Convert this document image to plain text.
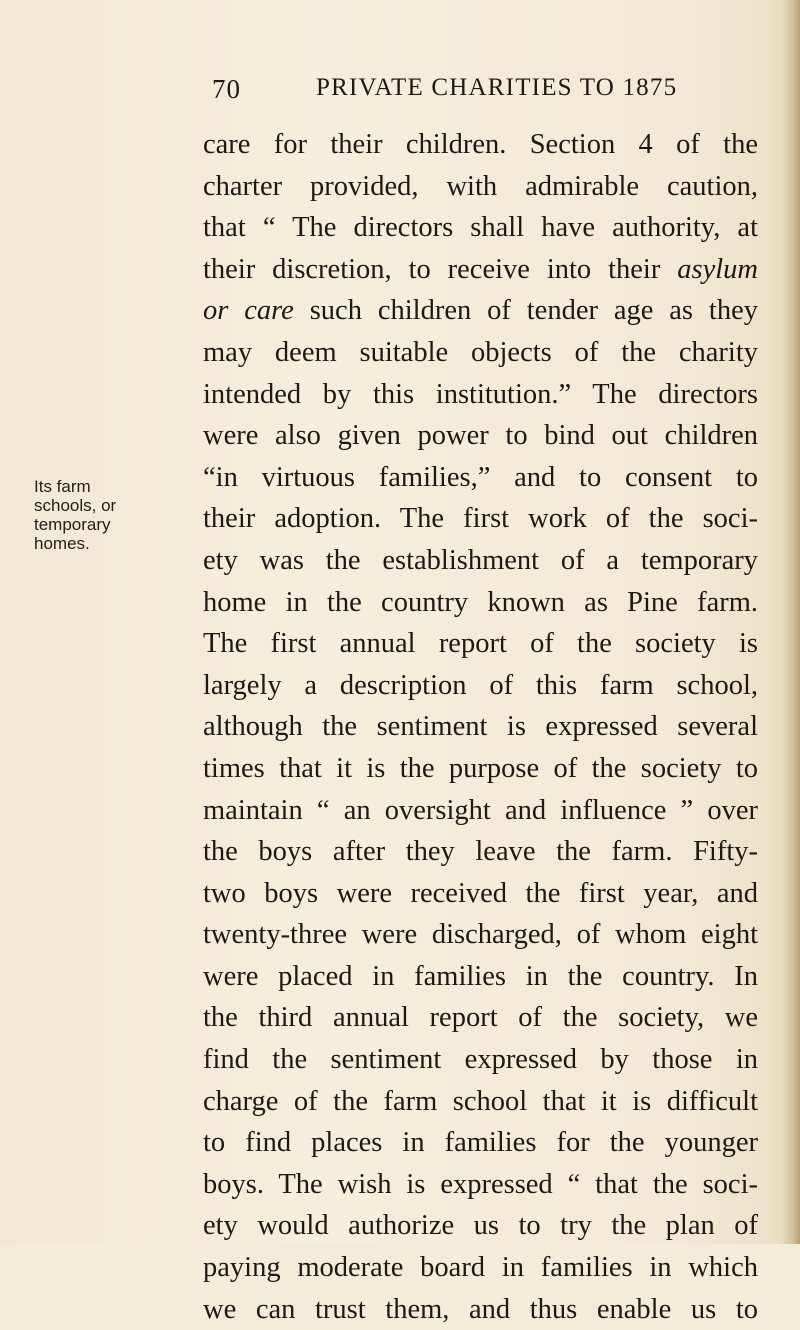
70	PRIVATE CHARITIES TO 1875
Its farm
schools, or
temporary
homes.
care for their children. Section 4 of the
charter provided, with admirable caution,
that “ The directors shall have authority, at
their discretion, to receive into their asylum
or care such children of tender age as they
may deem suitable objects of the charity
intended by this institution.” The directors
were also given power to bind out children
“in virtuous families,” and to consent to
their adoption. The first work of the soci-
ety was the establishment of a temporary
home in the country known as Pine farm.
The first annual report of the society is
largely a description of this farm school,
although the sentiment is expressed several
times that it is the purpose of the society to
maintain “ an oversight and influence ” over
the boys after they leave the farm. Fifty-
two boys were received the first year, and
twenty-three were discharged, of whom eight
were placed in families in the country. In
the third annual report of the society, we
find the sentiment expressed by those in
charge of the farm school that it is difficult
to find places in families for the younger
boys. The wish is expressed “ that the soci-
ety would authorize us to try the plan of
paying moderate board in families in which
we can trust them, and thus enable us to
